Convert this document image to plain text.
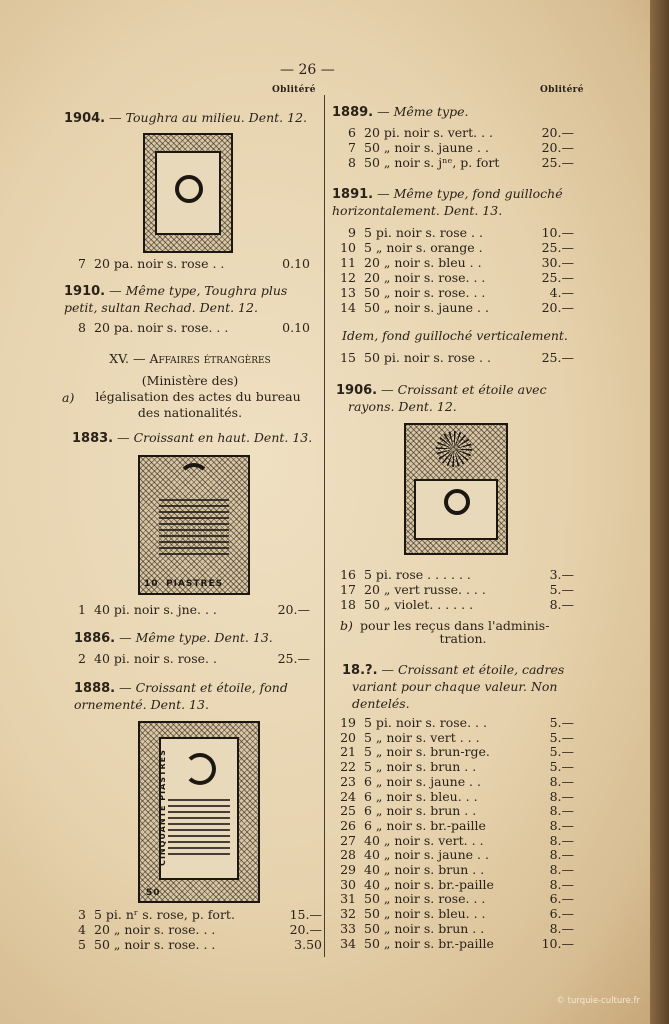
— 26 —
Oblitéré
1904. — Toughra au milieu. Dent. 12.
7 20 pa. noir s. rose . .	0.10
1910. — Même type, Toughra plus
petit, sultan Rechad. Dent. 12.
8 20 pa. noir s. rose. . .	0.10
XV. — Affaires étrangères
(Ministère des)
a)	légalisation des actes du bureau
des nationalités.
1883. — Croissant en haut. Dent. 13.
PIASTRES
10
1 40 pi. noir s. jne. . .	20.—
1886. — Même type. Dent. 13.
2 40 pi. noir s. rose. .	25.—
1888. — Croissant et étoile, fond
ornementé. Dent. 13.
CINQUANTE PIASTRES
50
3 5 pi. nʳ s. rose, p. fort.	15.—
4 20 „ noir s. rose. . .	20.—
5 50 „ noir s. rose. . .	3.50
Oblitéré
1889. — Même type.
6 20 pi. noir s. vert. . .	20.—
7 50 „ noir s. jaune . .	20.—
8 50 „ noir s. jⁿᵉ, p. fort	25.—
1891. — Même type, fond guilloché
horizontalement. Dent. 13.
9 5 pi. noir s. rose . .	10.—
10 5 „ noir s. orange .	25.—
11 20 „ noir s. bleu . .	30.—
12 20 „ noir s. rose. . .	25.—
13 50 „ noir s. rose. . .	4.—
14 50 „ noir s. jaune . .	20.—
Idem, fond guilloché verticalement.
15 50 pi. noir s. rose . .	25.—
1906. — Croissant et étoile avec
rayons. Dent. 12.
16 5 pi. rose . . . . . .	3.—
17 20 „ vert russe. . . .	5.—
18 50 „ violet. . . . . .	8.—
b) pour les reçus dans l'adminis-
tration.
18.?. — Croissant et étoile, cadres
variant pour chaque valeur. Non
dentelés.
19 5 pi. noir s. rose. . .	5.—
20 5 „ noir s. vert . . .	5.—
21 5 „ noir s. brun-rge.	5.—
22 5 „ noir s. brun . .	5.—
23 6 „ noir s. jaune . .	8.—
24 6 „ noir s. bleu. . .	8.—
25 6 „ noir s. brun . .	8.—
26 6 „ noir s. br.-paille	8.—
27 40 „ noir s. vert. . .	8.—
28 40 „ noir s. jaune . .	8.—
29 40 „ noir s. brun . .	8.—
30 40 „ noir s. br.-paille	8.—
31 50 „ noir s. rose. . .	6.—
32 50 „ noir s. bleu. . .	6.—
33 50 „ noir s. brun . .	8.—
34 50 „ noir s. br.-paille	10.—
© turquie-culture.fr
